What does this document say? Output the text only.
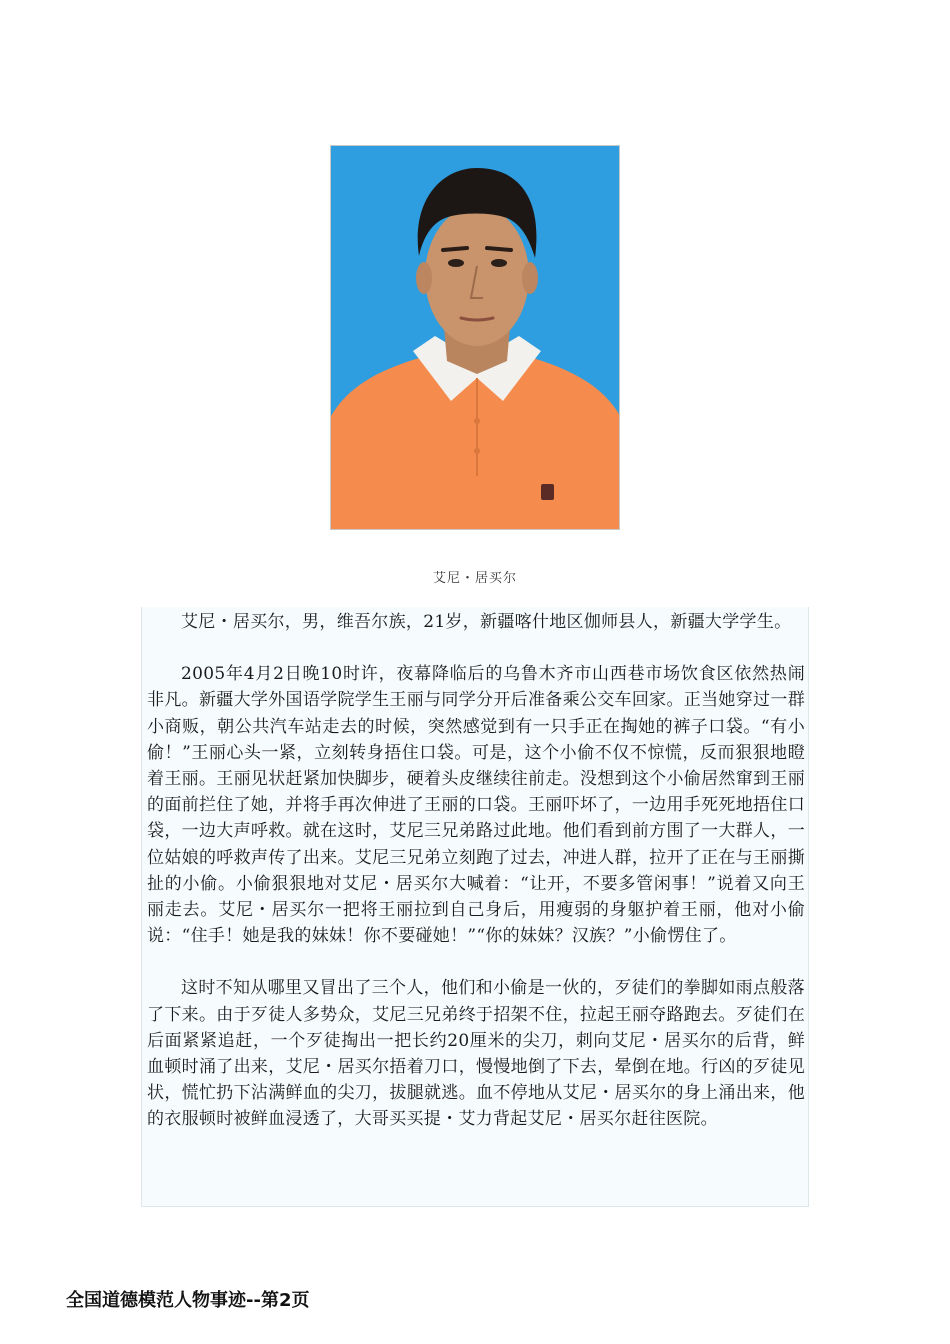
艾尼・居买尔

艾尼・居买尔，男，维吾尔族，21岁，新疆喀什地区伽师县人，新疆大学学生。

2005年4月2日晚10时许，夜幕降临后的乌鲁木齐市山西巷市场饮食区依然热闹非凡。新疆大学外国语学院学生王丽与同学分开后准备乘公交车回家。正当她穿过一群小商贩，朝公共汽车站走去的时候，突然感觉到有一只手正在掏她的裤子口袋。“有小偷！”王丽心头一紧，立刻转身捂住口袋。可是，这个小偷不仅不惊慌，反而狠狠地瞪着王丽。王丽见状赶紧加快脚步，硬着头皮继续往前走。没想到这个小偷居然窜到王丽的面前拦住了她，并将手再次伸进了王丽的口袋。王丽吓坏了，一边用手死死地捂住口袋，一边大声呼救。就在这时，艾尼三兄弟路过此地。他们看到前方围了一大群人，一位姑娘的呼救声传了出来。艾尼三兄弟立刻跑了过去，冲进人群，拉开了正在与王丽撕扯的小偷。小偷狠狠地对艾尼・居买尔大喊着：“让开，不要多管闲事！”说着又向王丽走去。艾尼・居买尔一把将王丽拉到自己身后，用瘦弱的身躯护着王丽，他对小偷说：“住手！她是我的妹妹！你不要碰她！”“你的妹妹？汉族？”小偷愣住了。

这时不知从哪里又冒出了三个人，他们和小偷是一伙的，歹徒们的拳脚如雨点般落了下来。由于歹徒人多势众，艾尼三兄弟终于招架不住，拉起王丽夺路跑去。歹徒们在后面紧紧追赶，一个歹徒掏出一把长约20厘米的尖刀，刺向艾尼・居买尔的后背，鲜血顿时涌了出来，艾尼・居买尔捂着刀口，慢慢地倒了下去，晕倒在地。行凶的歹徒见状，慌忙扔下沾满鲜血的尖刀，拔腿就逃。血不停地从艾尼・居买尔的身上涌出来，他的衣服顿时被鲜血浸透了，大哥买买提・艾力背起艾尼・居买尔赶往医院。

全国道德模范人物事迹--第2页
